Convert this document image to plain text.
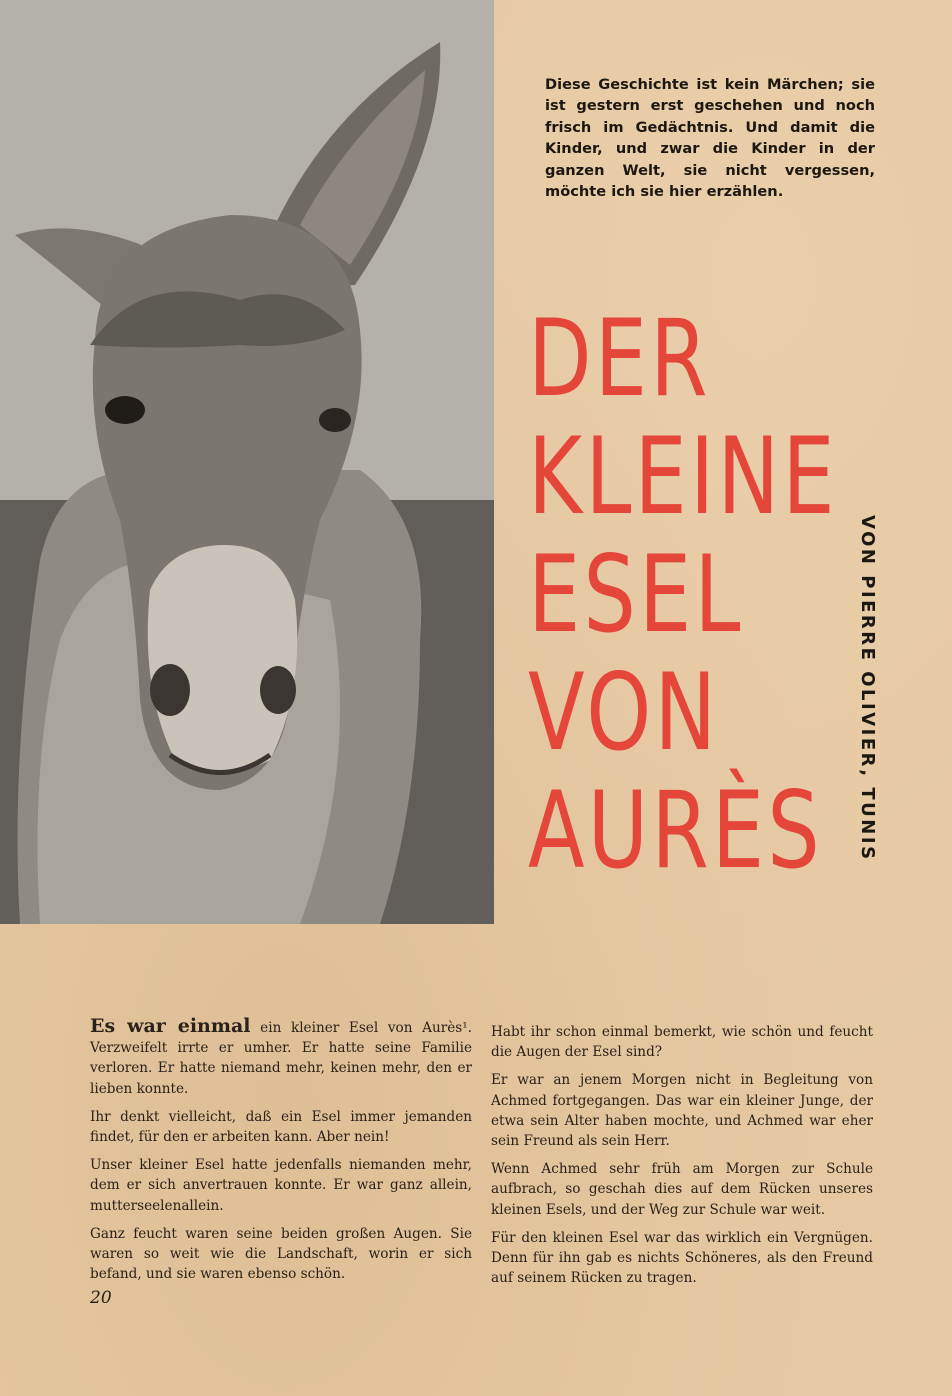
Diese Geschichte ist kein Märchen; sie ist gestern erst geschehen und noch frisch im Gedächtnis. Und damit die Kinder, und zwar die Kinder in der ganzen Welt, sie nicht vergessen, möchte ich sie hier erzählen.

DER
KLEINE
ESEL
VON
AURÈS	VON PIERRE OLIVIER, TUNIS

Es war einmal ein kleiner Esel von Aurès¹. Verzweifelt irrte er umher. Er hatte seine Familie verloren. Er hatte niemand mehr, keinen mehr, den er lieben konnte.

Ihr denkt vielleicht, daß ein Esel immer jemanden findet, für den er arbeiten kann. Aber nein!

Unser kleiner Esel hatte jedenfalls niemanden mehr, dem er sich anvertrauen konnte. Er war ganz allein, mutterseelenallein.

Ganz feucht waren seine beiden großen Augen. Sie waren so weit wie die Landschaft, worin er sich befand, und sie waren ebenso schön.

Habt ihr schon einmal bemerkt, wie schön und feucht die Augen der Esel sind?

Er war an jenem Morgen nicht in Begleitung von Achmed fortgegangen. Das war ein kleiner Junge, der etwa sein Alter haben mochte, und Achmed war eher sein Freund als sein Herr.

Wenn Achmed sehr früh am Morgen zur Schule aufbrach, so geschah dies auf dem Rücken unseres kleinen Esels, und der Weg zur Schule war weit.

Für den kleinen Esel war das wirklich ein Vergnügen. Denn für ihn gab es nichts Schöneres, als den Freund auf seinem Rücken zu tragen.

20
